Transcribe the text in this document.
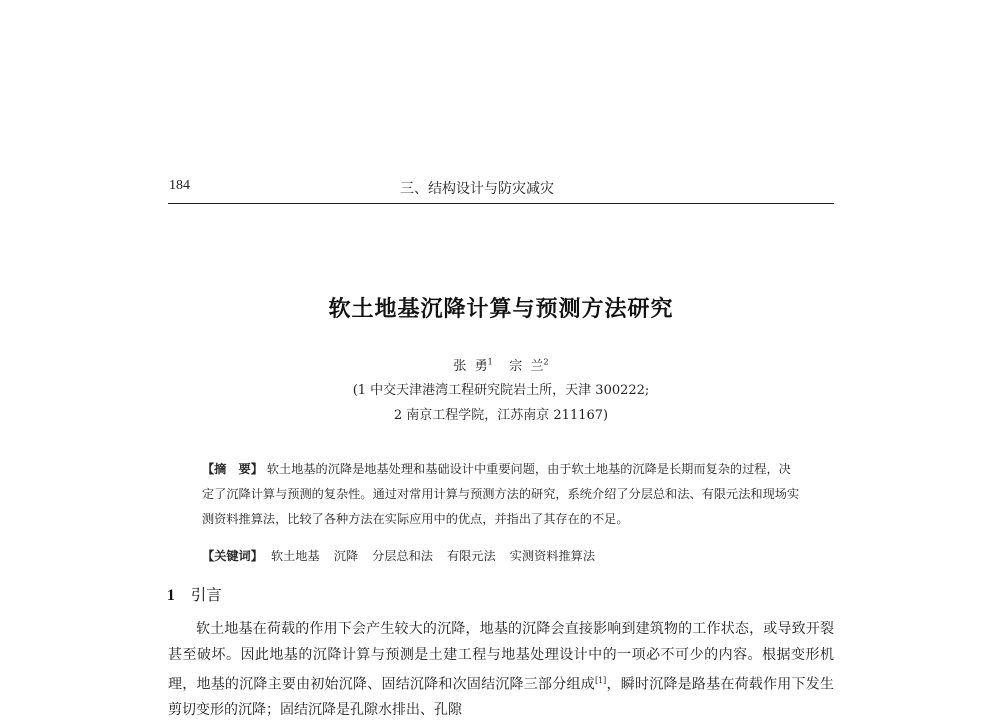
184	三、结构设计与防灾减灾
软土地基沉降计算与预测方法研究
张  勇$^1$ 宗  兰$^2$
(1 中交天津港湾工程研究院岩土所，天津 300222;
2 南京工程学院，江苏南京 211167)
【摘　要】 软土地基的沉降是地基处理和基础设计中重要问题，由于软土地基的沉降是长期而复杂的过程，决定了沉降计算与预测的复杂性。通过对常用计算与预测方法的研究，系统介绍了分层总和法、有限元法和现场实测资料推算法，比较了各种方法在实际应用中的优点，并指出了其存在的不足。
【关键词】 软土地基 沉降 分层总和法 有限元法 实测资料推算法
1 引言
软土地基在荷载的作用下会产生较大的沉降，地基的沉降会直接影响到建筑物的工作状态，或导致开裂甚至破坏。因此地基的沉降计算与预测是土建工程与地基处理设计中的一项必不可少的内容。根据变形机理，地基的沉降主要由初始沉降、固结沉降和次固结沉降三部分组成[1]，瞬时沉降是路基在荷载作用下发生剪切变形的沉降；固结沉降是孔隙水排出、孔隙
